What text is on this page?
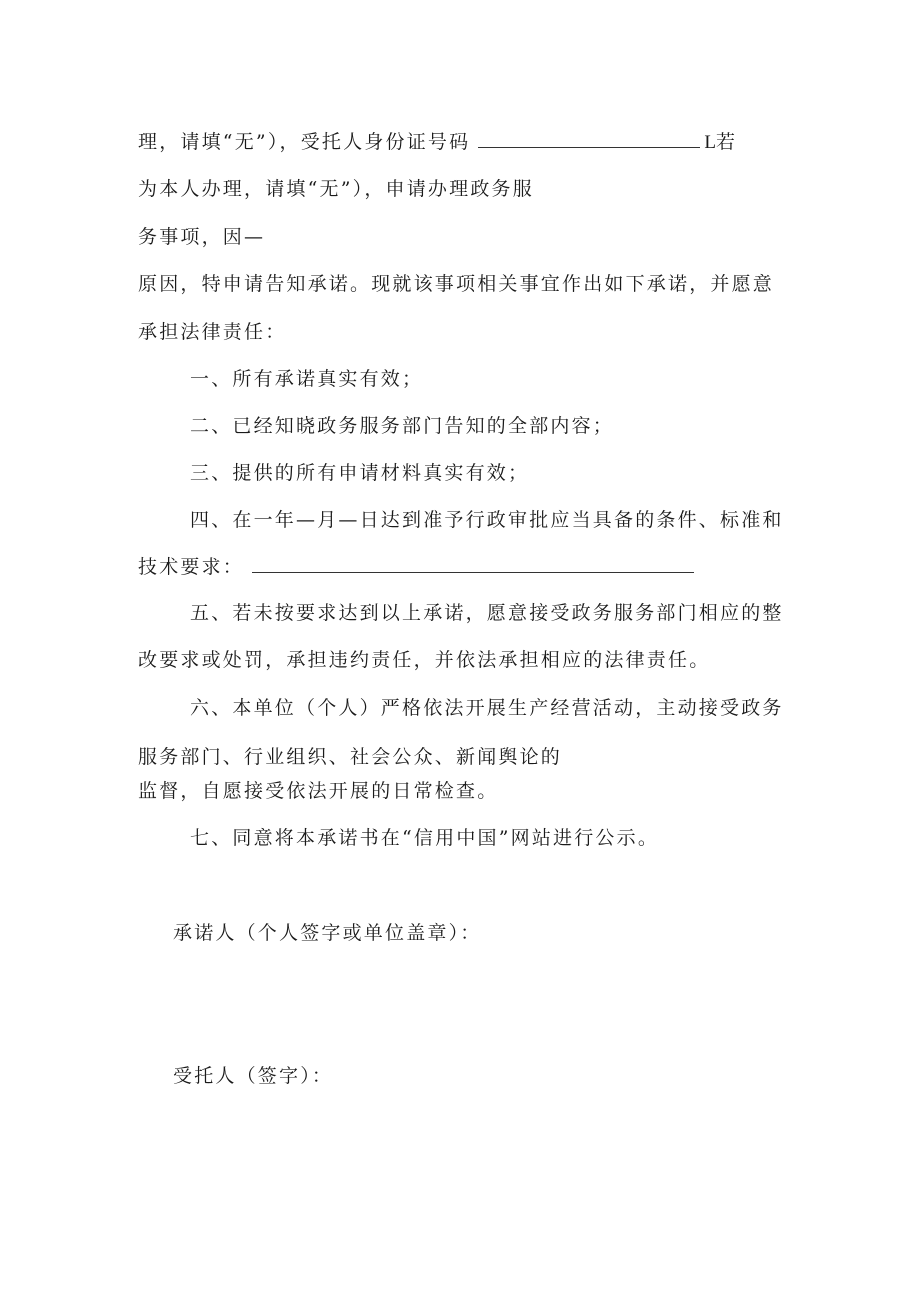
理，请填“无”），受托人身份证号码	L若
为本人办理，请填“无”），申请办理政务服
务事项，因—
原因，特申请告知承诺。现就该事项相关事宜作出如下承诺，并愿意
承担法律责任：
一、所有承诺真实有效；
二、已经知晓政务服务部门告知的全部内容；
三、提供的所有申请材料真实有效；
四、在一年—月—日达到准予行政审批应当具备的条件、标准和
技术要求：
五、若未按要求达到以上承诺，愿意接受政务服务部门相应的整
改要求或处罚，承担违约责任，并依法承担相应的法律责任。
六、本单位（个人）严格依法开展生产经营活动，主动接受政务
服务部门、行业组织、社会公众、新闻舆论的
监督，自愿接受依法开展的日常检查。
七、同意将本承诺书在“信用中国”网站进行公示。
承诺人（个人签字或单位盖章）：
受托人（签字）：
